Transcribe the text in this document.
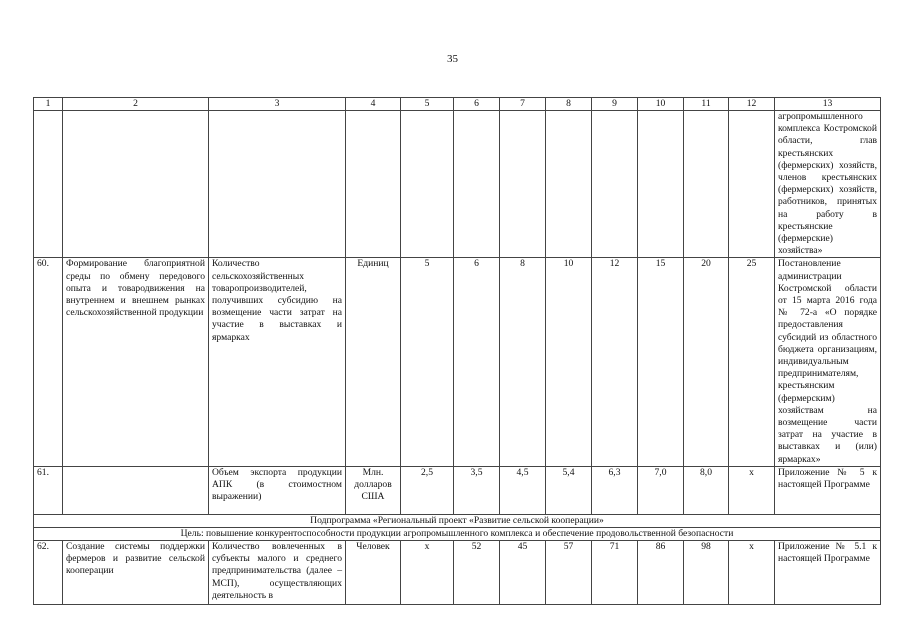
35
1	2	3	4	5	6	7	8	9	10	11	12	13
												агропромышленного комплекса Костромской области, глав крестьянских (фермерских) хозяйств, членов крестьянских (фермерских) хозяйств, работников, принятых на работу в крестьянские (фермерские) хозяйства»
60.	Формирование благоприятной среды по обмену передового опыта и товародвижения на внутреннем и внешнем рынках сельскохозяйственной продукции	Количество сельскохозяйственных товаропроизводителей, получивших субсидию на возмещение части затрат на участие в выставках и ярмарках	Единиц	5	6	8	10	12	15	20	25	Постановление администрации Костромской области от 15 марта 2016 года № 72-а «О порядке предоставления субсидий из областного бюджета организациям, индивидуальным предпринимателям, крестьянским (фермерским) хозяйствам на возмещение части затрат на участие в выставках и (или) ярмарках»
61.		Объем экспорта продукции АПК (в стоимостном выражении)	Млн. долларов США	2,5	3,5	4,5	5,4	6,3	7,0	8,0	х	Приложение № 5 к настоящей Программе
Подпрограмма «Региональный проект «Развитие сельской кооперации»												
Цель: повышение конкурентоспособности продукции агропромышленного комплекса и обеспечение продовольственной безопасности												
62.	Создание системы поддержки фермеров и развитие сельской кооперации	Количество вовлеченных в субъекты малого и среднего предпринимательства (далее – МСП), осуществляющих деятельность в	Человек	х	52	45	57	71	86	98	х	Приложение № 5.1 к настоящей Программе
